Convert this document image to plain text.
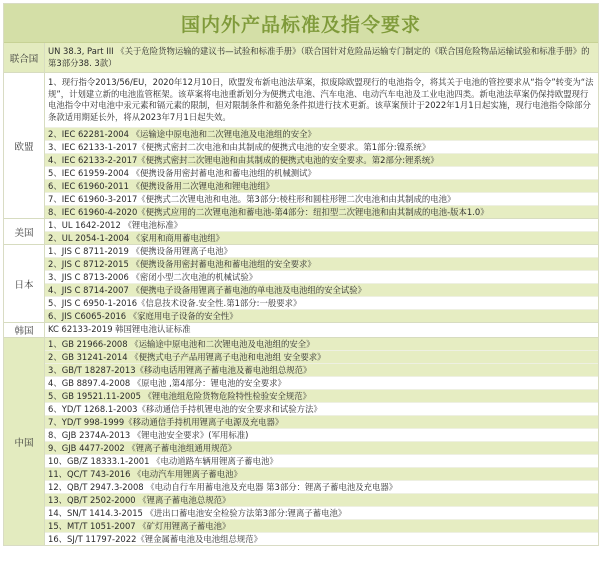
国内外产品标准及指令要求
联合国
UN 38.3, Part III 《关于危险货物运输的建议书—试验和标准手册》（联合国针对危险品运输专门制定的《联合国危险物品运输试验和标准手册》的第3部分38. 3款）
欧盟
1、现行指令2013/56/EU，2020年12月10日，欧盟发布新电池法草案，拟废除欧盟现行的电池指令，将其关于电池的管控要求从“指令”转变为“法规”，计划建立新的电池监管框架。该草案将电池重新划分为便携式电池、汽车电池、电动汽车电池及工业电池四类。新电池法草案仍保持欧盟现行电池指令中对电池中汞元素和镉元素的限制，但对限制条件和豁免条件拟进行技术更新。该草案预计于2022年1月1日起实施，现行电池指令除部分条款适用期延长外，将从2023年7月1日起失效。
2、IEC 62281-2004 《运输途中原电池和二次锂电池及电池组的安全》
3、IEC 62133-1-2017《便携式密封二次电池和由其制成的便携式电池的安全要求。第1部分:镍系统》
4、IEC 62133-2-2017《便携式密封二次锂电池和由其制成的便携式电池的安全要求。第2部分:锂系统》
5、IEC 61959-2004 《便携设备用密封蓄电池和蓄电池组的机械测试》
6、IEC 61960-2011 《便携设备用二次锂电池和锂电池组》
7、IEC 61960-3-2017《便携式二次锂电池和电池。第3部分:棱柱形和圆柱形锂二次电池和由其制成的电池》
8、IEC 61960-4-2020《便携式应用的二次锂电池和蓄电池-第4部分：纽扣型二次锂电池和由其制成的电池-版本1.0》
美国
1、UL 1642-2012 《锂电池标准》
2、UL 2054-1-2004 《家用和商用蓄电池组》
日本
1、JIS C 8711-2019 《便携设备用锂离子电池》
2、JIS C 8712-2015 《便携设备用密封蓄电池和蓄电池组的安全要求》
3、JIS C 8713-2006 《密闭小型二次电池的机械试验》
4、JIS C 8714-2007 《便携电子设备用锂离子蓄电池的单电池及电池组的安全试验》
5、JIS C 6950-1-2016《信息技术设备.安全性.第1部分:一般要求》
6、JIS C6065-2016 《家庭用电子设备的安全性》
韩国	KC 62133-2019 韩国锂电池认证标准
中国
1、GB 21966-2008 《运输途中原电池和二次锂电池及电池组的安全》
2、GB 31241-2014 《便携式电子产品用锂离子电池和电池组 安全要求》
3、GB/T 18287-2013《移动电话用锂离子蓄电池及蓄电池组总规范》
4、GB 8897.4-2008 《原电池 ,第4部分：锂电池的安全要求》
5、GB 19521.11-2005 《锂电池组危险货物危险特性检验安全规范》
6、YD/T 1268.1-2003《移动通信手持机锂电池的安全要求和试验方法》
7、YD/T 998-1999《移动通信手持机用锂离子电源及充电器》
8、GJB 2374A-2013 《锂电池安全要求》(军用标准)
9、GJB 4477-2002 《锂离子蓄电池组通用规范》
10、GB/Z 18333.1-2001 《电动道路车辆用锂离子蓄电池》
11、QC/T 743-2016 《电动汽车用锂离子蓄电池》
12、QB/T 2947.3-2008 《电动自行车用蓄电池及充电器 第3部分：锂离子蓄电池及充电器》
13、QB/T 2502-2000 《锂离子蓄电池总规范》
14、SN/T 1414.3-2015 《进出口蓄电池安全检验方法第3部分:锂离子蓄电池》
15、MT/T 1051-2007 《矿灯用锂离子蓄电池》
16、SJ/T 11797-2022《锂金属蓄电池及电池组总规范》
